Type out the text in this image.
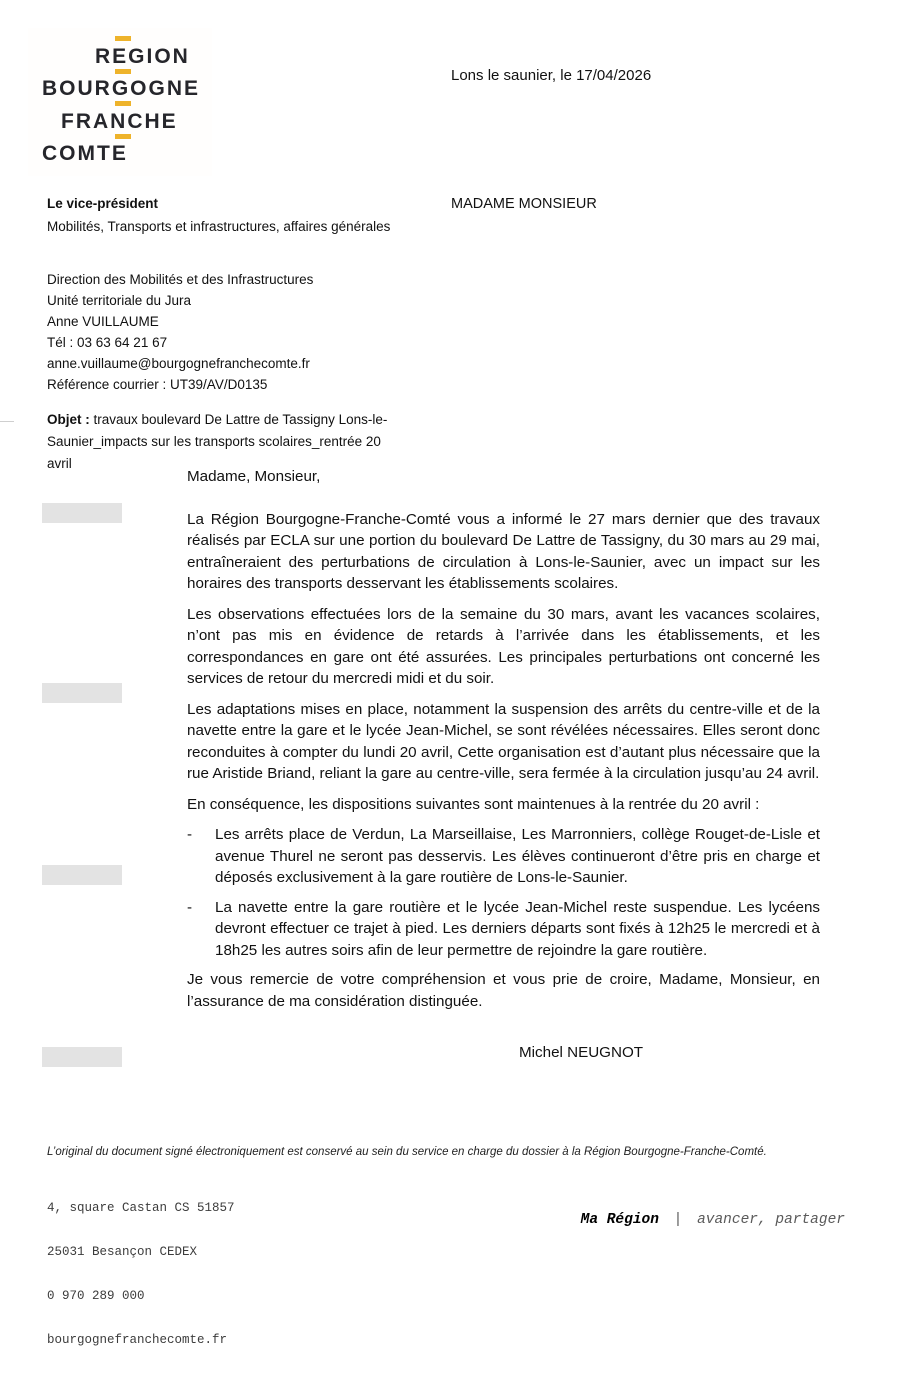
REGION
BOURGOGNE
FRANCHE
COMTE
Lons le saunier, le 17/04/2026
MADAME MONSIEUR
Le vice-président
Mobilités, Transports et infrastructures, affaires générales
Direction des Mobilités et des Infrastructures
Unité territoriale du Jura
Anne VUILLAUME
Tél : 03 63 64 21 67
anne.vuillaume@bourgognefranchecomte.fr
Référence courrier : UT39/AV/D0135
Objet : travaux boulevard De Lattre de Tassigny Lons-le-Saunier_impacts sur les transports scolaires_rentrée 20 avril
Madame, Monsieur,

La Région Bourgogne-Franche-Comté vous a informé le 27 mars dernier que des travaux réalisés par ECLA sur une portion du boulevard De Lattre de Tassigny, du 30 mars au 29 mai, entraîneraient des perturbations de circulation à Lons-le-Saunier, avec un impact sur les horaires des transports desservant les établissements scolaires.

Les observations effectuées lors de la semaine du 30 mars, avant les vacances scolaires, n’ont pas mis en évidence de retards à l’arrivée dans les établissements, et les correspondances en gare ont été assurées. Les principales perturbations ont concerné les services de retour du mercredi midi et du soir.

Les adaptations mises en place, notamment la suspension des arrêts du centre-ville et de la navette entre la gare et le lycée Jean-Michel, se sont révélées nécessaires. Elles seront donc reconduites à compter du lundi 20 avril, Cette organisation est d’autant plus nécessaire que la rue Aristide Briand, reliant la gare au centre-ville, sera fermée à la circulation jusqu’au 24 avril.

En conséquence, les dispositions suivantes sont maintenues à la rentrée du 20 avril :

-	Les arrêts place de Verdun, La Marseillaise, Les Marronniers, collège Rouget-de-Lisle et avenue Thurel ne seront pas desservis. Les élèves continueront d’être pris en charge et déposés exclusivement à la gare routière de Lons-le-Saunier.
-	La navette entre la gare routière et le lycée Jean-Michel reste suspendue. Les lycéens devront effectuer ce trajet à pied. Les derniers départs sont fixés à 12h25 le mercredi et à 18h25 les autres soirs afin de leur permettre de rejoindre la gare routière.

Je vous remercie de votre compréhension et vous prie de croire, Madame, Monsieur, en l’assurance de ma considération distinguée.

Michel NEUGNOT
L’original du document signé électroniquement est conservé au sein du service en charge du dossier à la Région Bourgogne-Franche-Comté.

4, square Castan CS 51857

25031 Besançon CEDEX

0 970 289 000

bourgognefranchecomte.fr

Ma Région | avancer, partager
